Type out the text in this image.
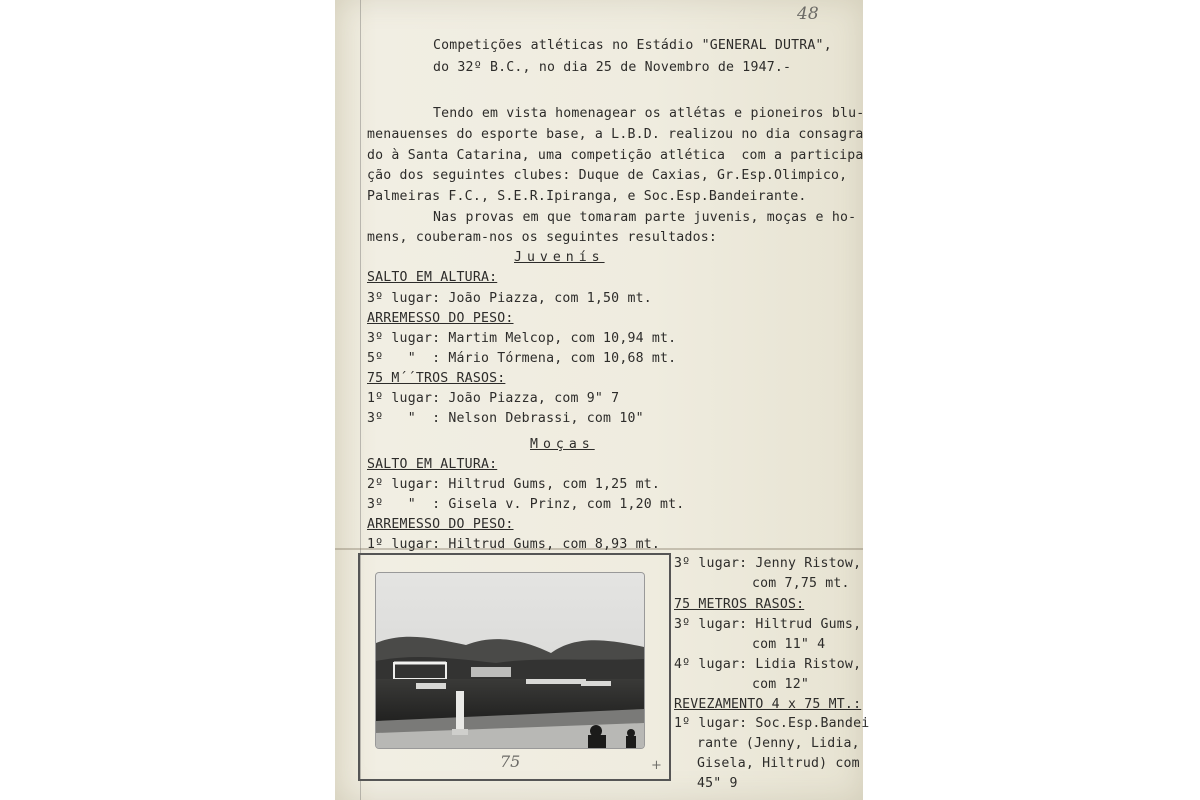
48
Competições atléticas no Estádio "GENERAL DUTRA",
do 32º B.C., no dia 25 de Novembro de 1947.-
Tendo em vista homenagear os atlétas e pioneiros blu-
menauenses do esporte base, a L.B.D. realizou no dia consagra
do à Santa Catarina, uma competição atlética  com a participa
ção dos seguintes clubes: Duque de Caxias, Gr.Esp.Olimpico,
Palmeiras F.C., S.E.R.Ipiranga, e Soc.Esp.Bandeirante.
Nas provas em que tomaram parte juvenis, moças e ho-
mens, couberam-nos os seguintes resultados:
Juvenís
SALTO EM ALTURA:
3º lugar: João Piazza, com 1,50 mt.
ARREMESSO DO PESO:
3º lugar: Martim Melcop, com 10,94 mt.
5º   "  : Mário Tórmena, com 10,68 mt.
75 M´´TROS RASOS:
1º lugar: João Piazza, com 9" 7
3º   "  : Nelson Debrassi, com 10"
Moças
SALTO EM ALTURA:
2º lugar: Hiltrud Gums, com 1,25 mt.
3º   "  : Gisela v. Prinz, com 1,20 mt.
ARREMESSO DO PESO:
1º lugar: Hiltrud Gums, com 8,93 mt.
3º lugar: Jenny Ristow,
com 7,75 mt.
75 METROS RASOS:
3º lugar: Hiltrud Gums,
com 11" 4
4º lugar: Lidia Ristow,
com 12"
REVEZAMENTO 4 x 75 MT.:
1º lugar: Soc.Esp.Bandei
rante (Jenny, Lidia,
Gisela, Hiltrud) com
45" 9
75	+
